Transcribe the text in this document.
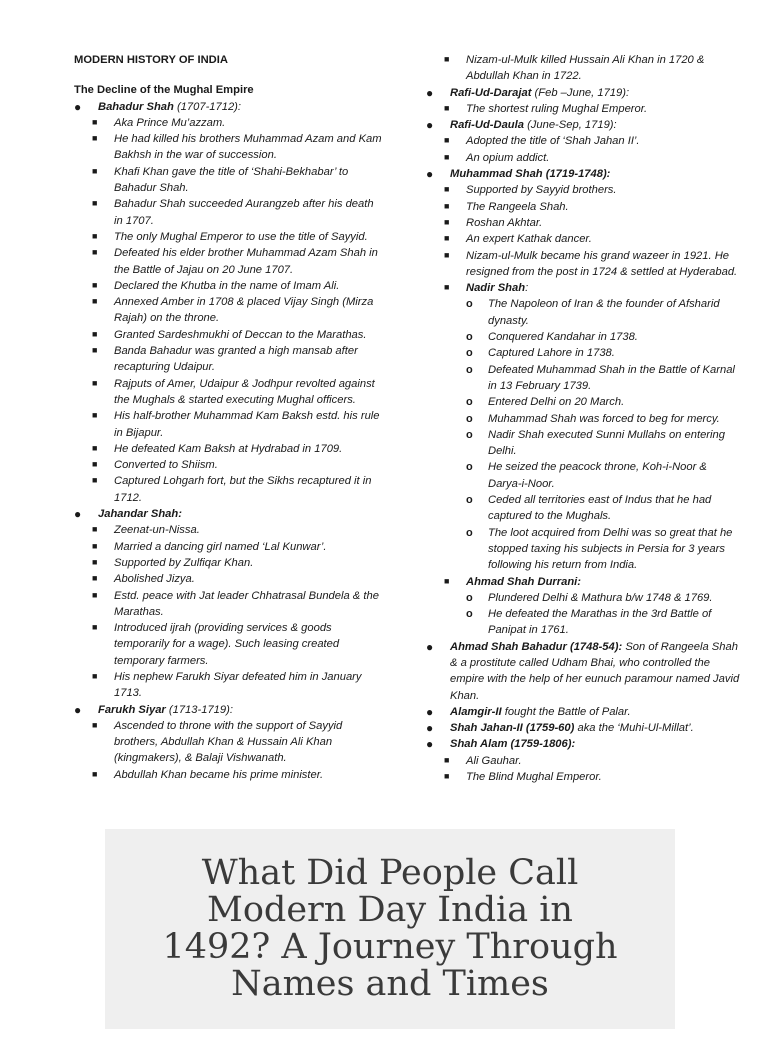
MODERN HISTORY OF INDIA

The Decline of the Mughal Empire

● Bahadur Shah (1707-1712):

■ Aka Prince Mu’azzam.

■ He had killed his brothers Muhammad Azam and Kam Bakhsh in the war of succession.

■ Khafi Khan gave the title of ‘Shahi-Bekhabar’ to Bahadur Shah.

■ Bahadur Shah succeeded Aurangzeb after his death in 1707.

■ The only Mughal Emperor to use the title of Sayyid.

■ Defeated his elder brother Muhammad Azam Shah in the Battle of Jajau on 20 June 1707.

■ Declared the Khutba in the name of Imam Ali.

■ Annexed Amber in 1708 & placed Vijay Singh (Mirza Rajah) on the throne.

■ Granted Sardeshmukhi of Deccan to the Marathas.

■ Banda Bahadur was granted a high mansab after recapturing Udaipur.

■ Rajputs of Amer, Udaipur & Jodhpur revolted against the Mughals & started executing Mughal officers.

■ His half-brother Muhammad Kam Baksh estd. his rule in Bijapur.

■ He defeated Kam Baksh at Hydrabad in 1709.

■ Converted to Shiism.

■ Captured Lohgarh fort, but the Sikhs recaptured it in 1712.

● Jahandar Shah:

■ Zeenat-un-Nissa.

■ Married a dancing girl named ‘Lal Kunwar’.

■ Supported by Zulfiqar Khan.

■ Abolished Jizya.

■ Estd. peace with Jat leader Chhatrasal Bundela & the Marathas.

■ Introduced ijrah (providing services & goods temporarily for a wage). Such leasing created temporary farmers.

■ His nephew Farukh Siyar defeated him in January 1713.

● Farukh Siyar (1713-1719):

■ Ascended to throne with the support of Sayyid brothers, Abdullah Khan & Hussain Ali Khan (kingmakers), & Balaji Vishwanath.

■ Abdullah Khan became his prime minister.

■ Nizam-ul-Mulk killed Hussain Ali Khan in 1720 & Abdullah Khan in 1722.

● Rafi-Ud-Darajat (Feb –June, 1719):

■ The shortest ruling Mughal Emperor.

● Rafi-Ud-Daula (June-Sep, 1719):

■ Adopted the title of ‘Shah Jahan II’.

■ An opium addict.

● Muhammad Shah (1719-1748):

■ Supported by Sayyid brothers.

■ The Rangeela Shah.

■ Roshan Akhtar.

■ An expert Kathak dancer.

■ Nizam-ul-Mulk became his grand wazeer in 1921. He resigned from the post in 1724 & settled at Hyderabad.

■ Nadir Shah:

o The Napoleon of Iran & the founder of Afsharid dynasty.

o Conquered Kandahar in 1738.

o Captured Lahore in 1738.

o Defeated Muhammad Shah in the Battle of Karnal in 13 February 1739.

o Entered Delhi on 20 March.

o Muhammad Shah was forced to beg for mercy.

o Nadir Shah executed Sunni Mullahs on entering Delhi.

o He seized the peacock throne, Koh-i-Noor & Darya-i-Noor.

o Ceded all territories east of Indus that he had captured to the Mughals.

o The loot acquired from Delhi was so great that he stopped taxing his subjects in Persia for 3 years following his return from India.

■ Ahmad Shah Durrani:

o Plundered Delhi & Mathura b/w 1748 & 1769.

o He defeated the Marathas in the 3rd Battle of Panipat in 1761.

● Ahmad Shah Bahadur (1748-54): Son of Rangeela Shah & a prostitute called Udham Bhai, who controlled the empire with the help of her eunuch paramour named Javid Khan.

● Alamgir-II fought the Battle of Palar.

● Shah Jahan-II (1759-60) aka the ‘Muhi-Ul-Millat’.

● Shah Alam (1759-1806):

■ Ali Gauhar.

■ The Blind Mughal Emperor.

What Did People Call Modern Day India in 1492? A Journey Through Names and Times
